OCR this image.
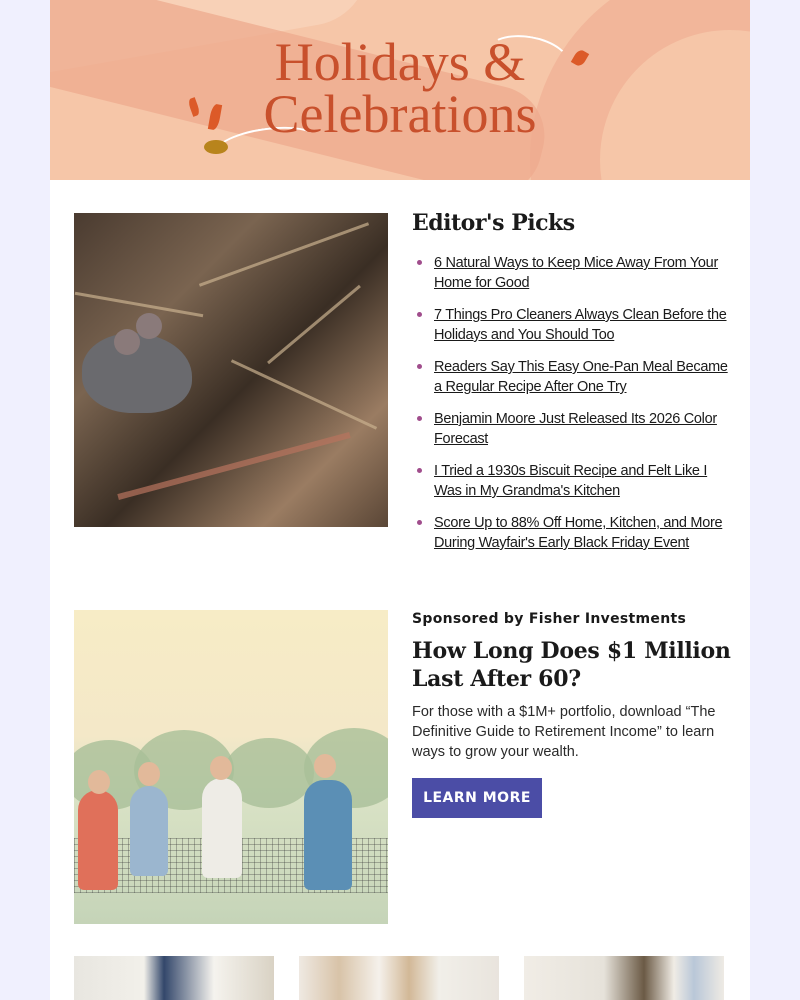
Holidays &
Celebrations
Editor's Picks
6 Natural Ways to Keep Mice Away From Your Home for Good
7 Things Pro Cleaners Always Clean Before the Holidays and You Should Too
Readers Say This Easy One-Pan Meal Became a Regular Recipe After One Try
Benjamin Moore Just Released Its 2026 Color Forecast
I Tried a 1930s Biscuit Recipe and Felt Like I Was in My Grandma's Kitchen
Score Up to 88% Off Home, Kitchen, and More During Wayfair's Early Black Friday Event
Sponsored by Fisher Investments
How Long Does $1 Million Last After 60?
For those with a $1M+ portfolio, download “The Definitive Guide to Retirement Income” to learn ways to grow your wealth.
LEARN MORE
